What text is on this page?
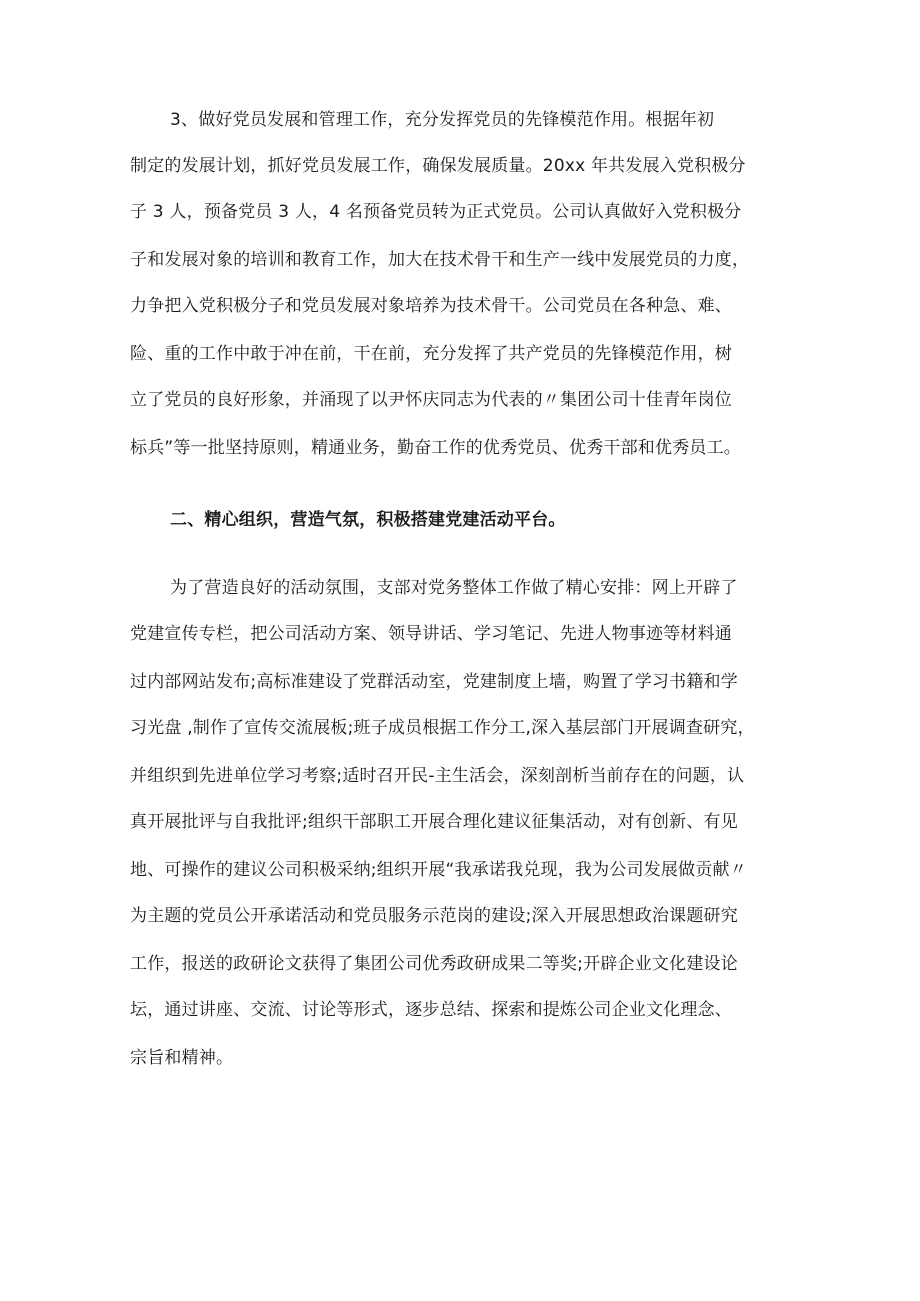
3、做好党员发展和管理工作，充分发挥党员的先锋模范作用。根据年初
制定的发展计划，抓好党员发展工作，确保发展质量。20xx 年共发展入党积极分
子 3 人，预备党员 3 人，4 名预备党员转为正式党员。公司认真做好入党积极分
子和发展对象的培训和教育工作，加大在技术骨干和生产一线中发展党员的力度，
力争把入党积极分子和党员发展对象培养为技术骨干。公司党员在各种急、难、
险、重的工作中敢于冲在前，干在前，充分发挥了共产党员的先锋模范作用，树
立了党员的良好形象，并涌现了以尹怀庆同志为代表的〃集团公司十佳青年岗位
标兵”等一批坚持原则，精通业务，勤奋工作的优秀党员、优秀干部和优秀员工。
二、精心组织，营造气氛，积极搭建党建活动平台。
为了营造良好的活动氛围，支部对党务整体工作做了精心安排：网上开辟了
党建宣传专栏，把公司活动方案、领导讲话、学习笔记、先进人物事迹等材料通
过内部网站发布;高标准建设了党群活动室，党建制度上墙，购置了学习书籍和学
习光盘 ,制作了宣传交流展板;班子成员根据工作分工,深入基层部门开展调查研究，
并组织到先进单位学习考察;适时召开民-主生活会，深刻剖析当前存在的问题，认
真开展批评与自我批评;组织干部职工开展合理化建议征集活动，对有创新、有见
地、可操作的建议公司积极采纳;组织开展“我承诺我兑现，我为公司发展做贡献〃
为主题的党员公开承诺活动和党员服务示范岗的建设;深入开展思想政治课题研究
工作，报送的政研论文获得了集团公司优秀政研成果二等奖;开辟企业文化建设论
坛，通过讲座、交流、讨论等形式，逐步总结、探索和提炼公司企业文化理念、
宗旨和精神。
